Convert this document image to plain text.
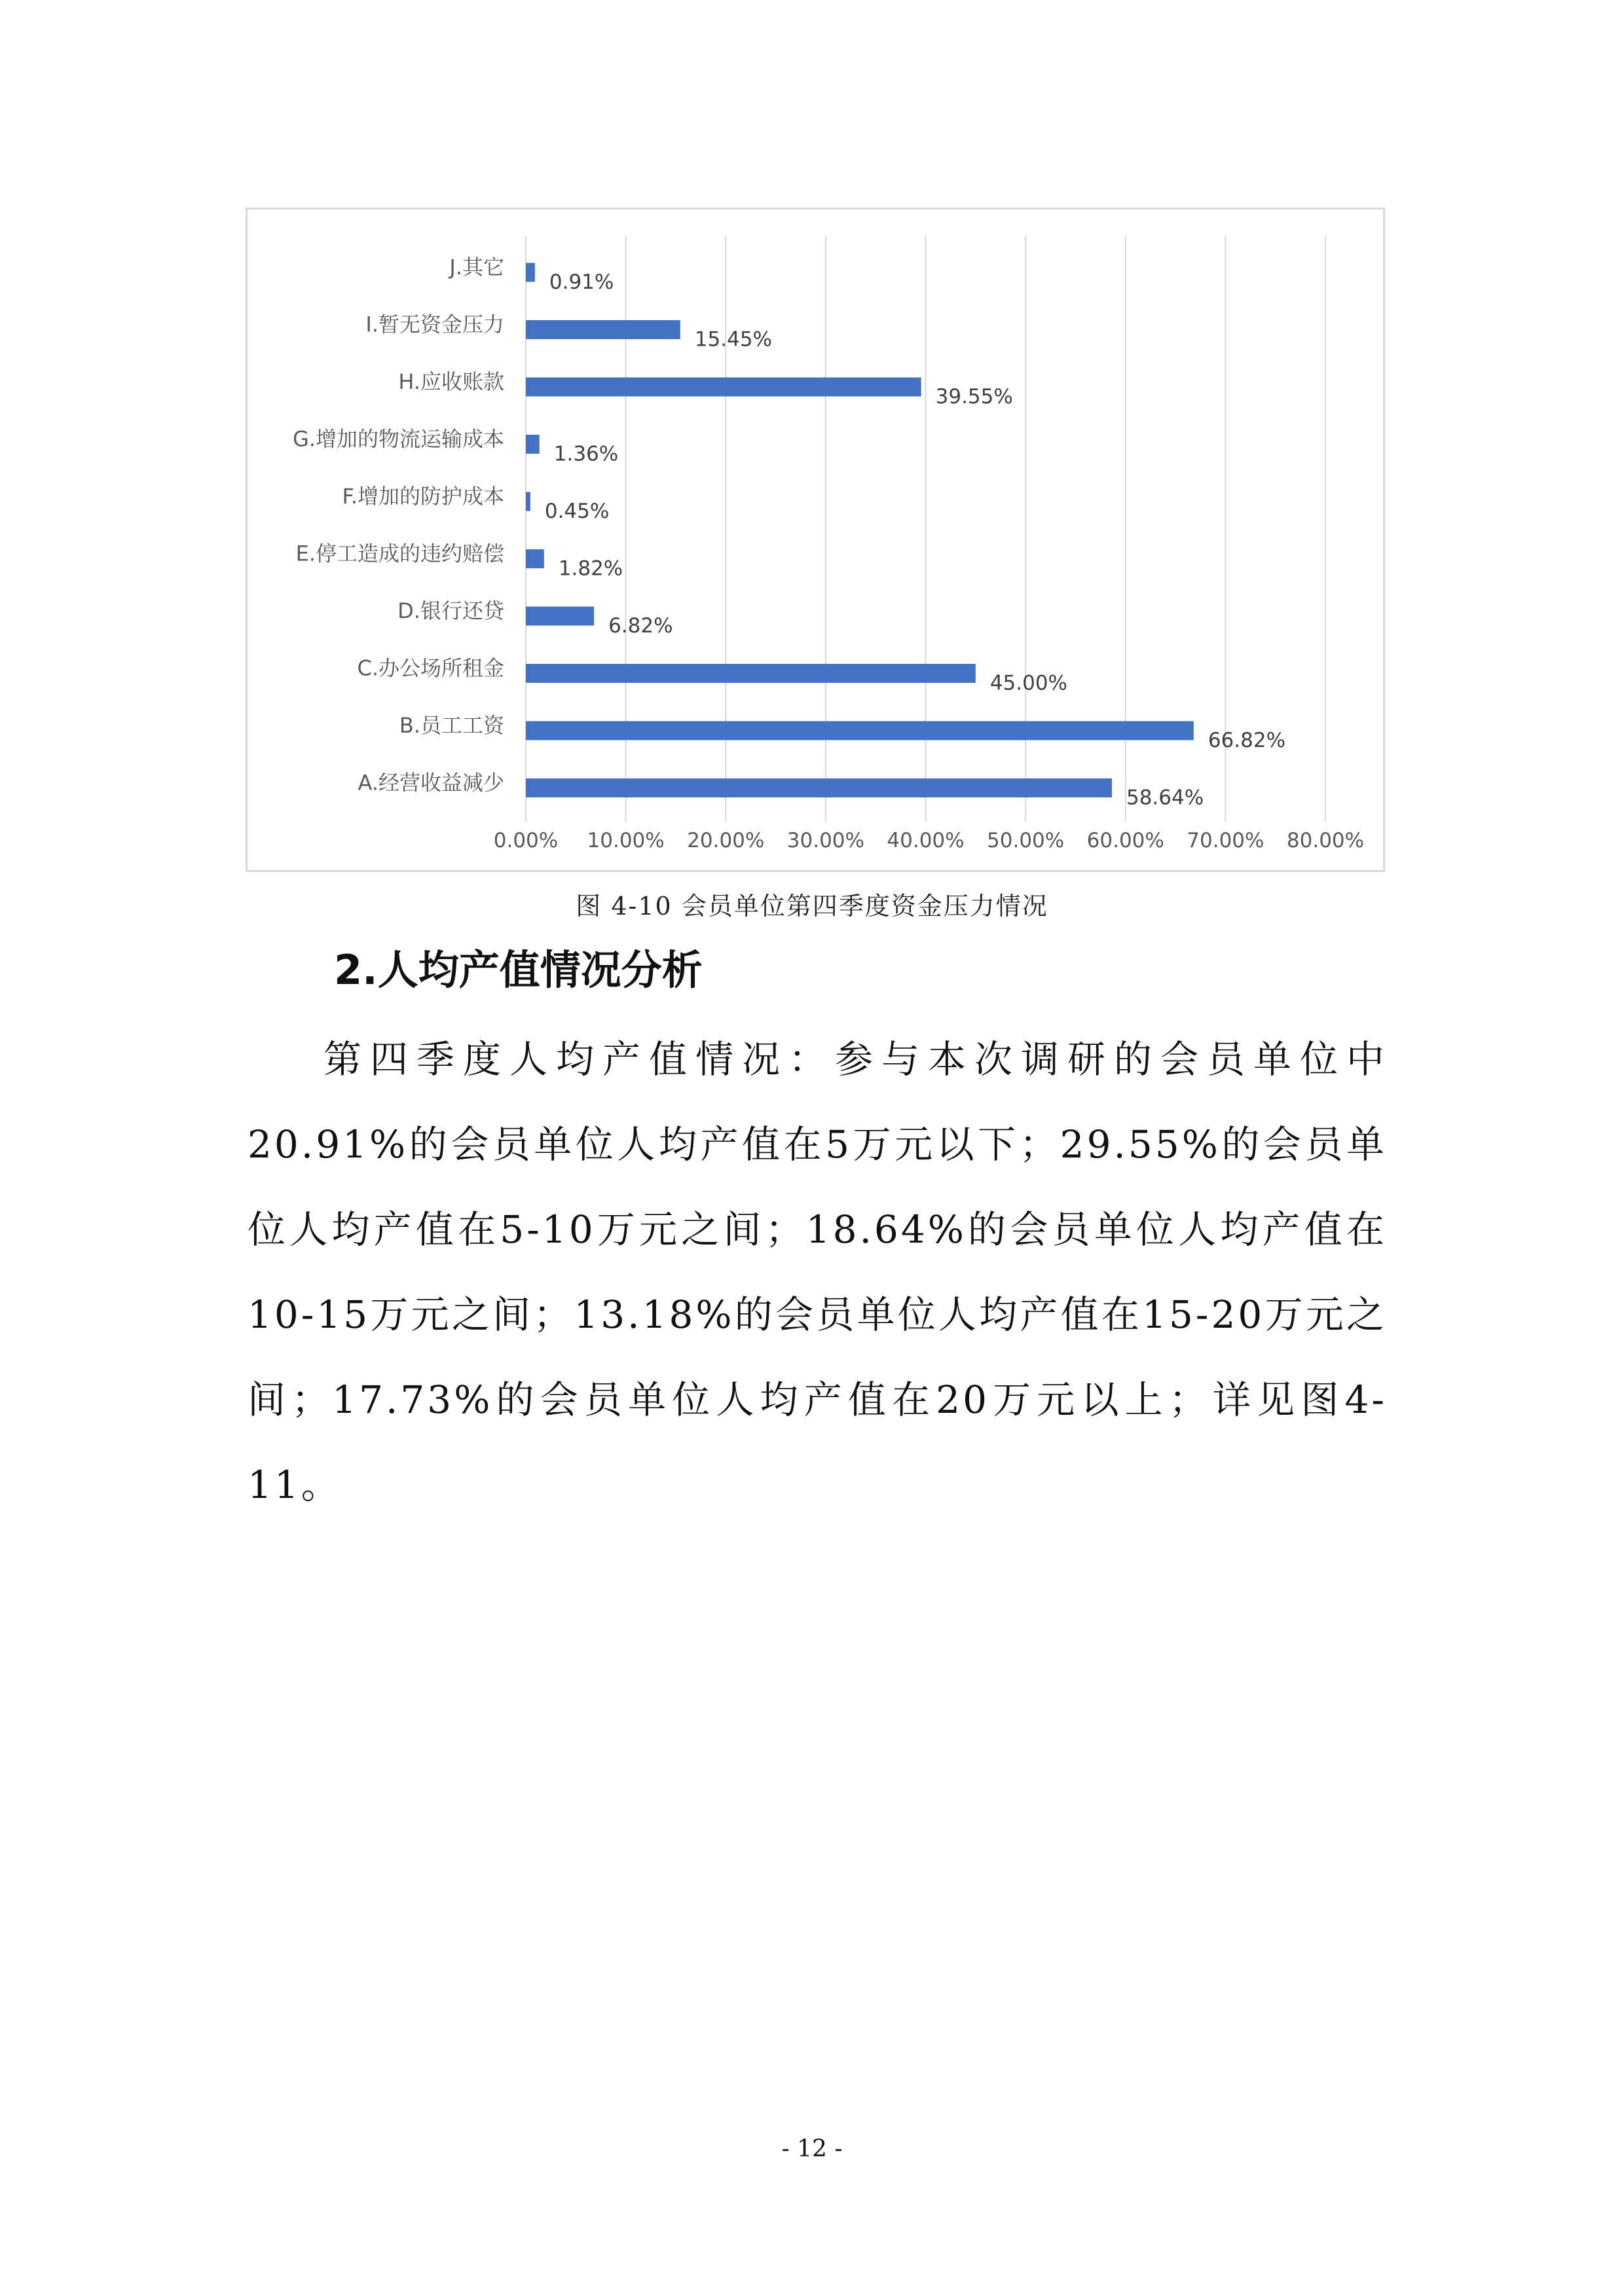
0.00% 10.00% 20.00% 30.00% 40.00% 50.00% 60.00% 70.00% 80.00%
J.其它
0.91%
I.暂无资金压力
15.45%
H.应收账款
39.55%
G.增加的物流运输成本
1.36%
F.增加的防护成本
0.45%
E.停工造成的违约赔偿
1.82%
D.银行还贷
6.82%
C.办公场所租金
45.00%
B.员工工资
66.82%
A.经营收益减少
58.64%
图 4-10 会员单位第四季度资金压力情况
2.人均产值情况分析

第四季度人均产值情况：参与本次调研的会员单位中20.91%的会员单位人均产值在5万元以下；29.55%的会员单位人均产值在5-10万元之间；18.64%的会员单位人均产值在10-15万元之间；13.18%的会员单位人均产值在15-20万元之间；17.73%的会员单位人均产值在20万元以上；详见图4-11。

- 12 -
